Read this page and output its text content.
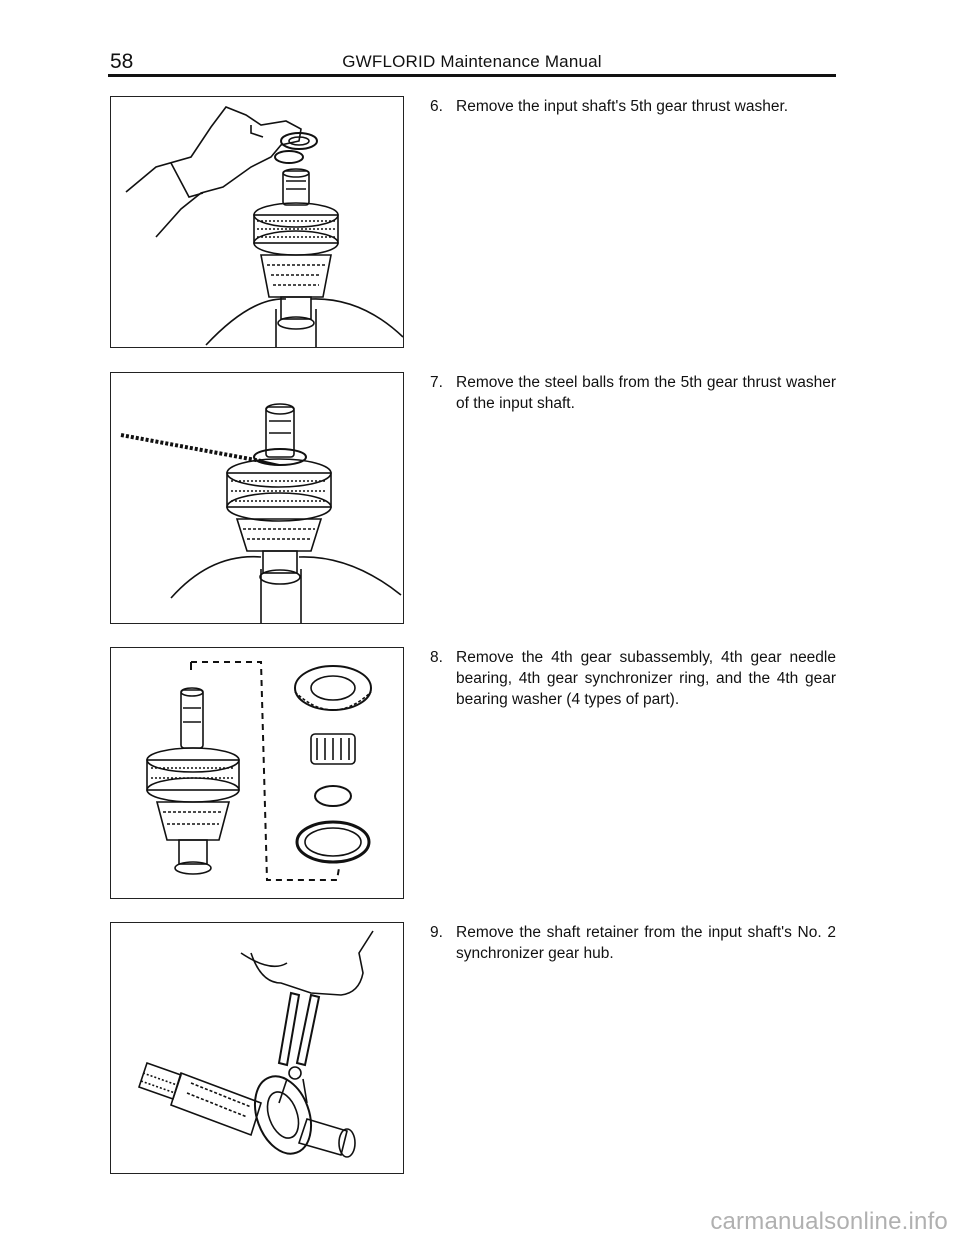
58	GWFLORID Maintenance Manual
6. Remove the input shaft's 5th gear thrust washer.
7. Remove the steel balls from the 5th gear thrust washer of the input shaft.
8. Remove the 4th gear subassembly, 4th gear needle bearing, 4th gear synchronizer ring, and the 4th gear bearing washer (4 types of part).
9. Remove the shaft retainer from the input shaft's No. 2 synchronizer gear hub.
carmanualsonline.info
